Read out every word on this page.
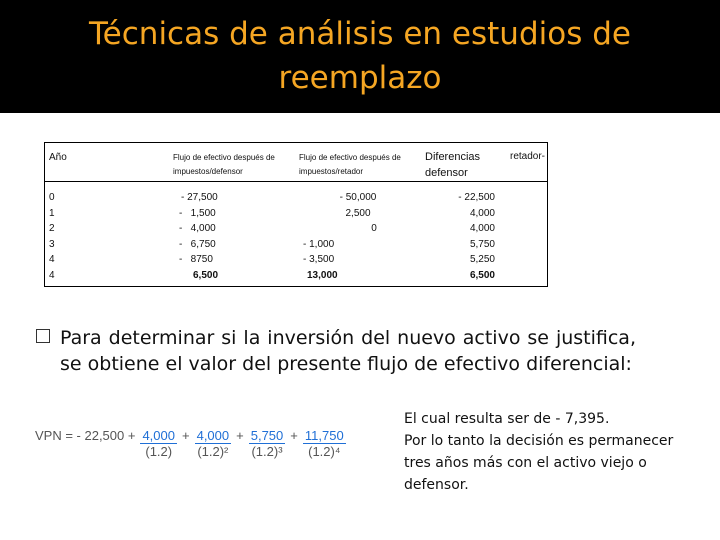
Técnicas de análisis en estudios de
reemplazo
Año	Flujo de efectivo después de impuestos/defensor	Flujo de efectivo después de impuestos/retador	Diferencias retador-

defensor
0	- 27,500	- 50,000	- 22,500
1	-   1,500	2,500	4,000
2	-   4,000	0	4,000
3	-   6,750	- 1,000	5,750
4	-   8750	- 3,500	5,250
4	6,500	13,000	6,500
Para determinar si la inversión del nuevo activo se justifica, se obtiene el valor del presente flujo de efectivo diferencial:
VPN = - $22,500 + \frac{4,000}{(1.2)} + \frac{4,000}{\text{(1.2)²}} + \frac{5,750}{\text{(1.2)³}} + \frac{11,750}{\text{(1.2)⁴}}$
El cual resulta ser de - 7,395.
Por lo tanto la decisión es permanecer tres años más con el activo viejo o defensor.
